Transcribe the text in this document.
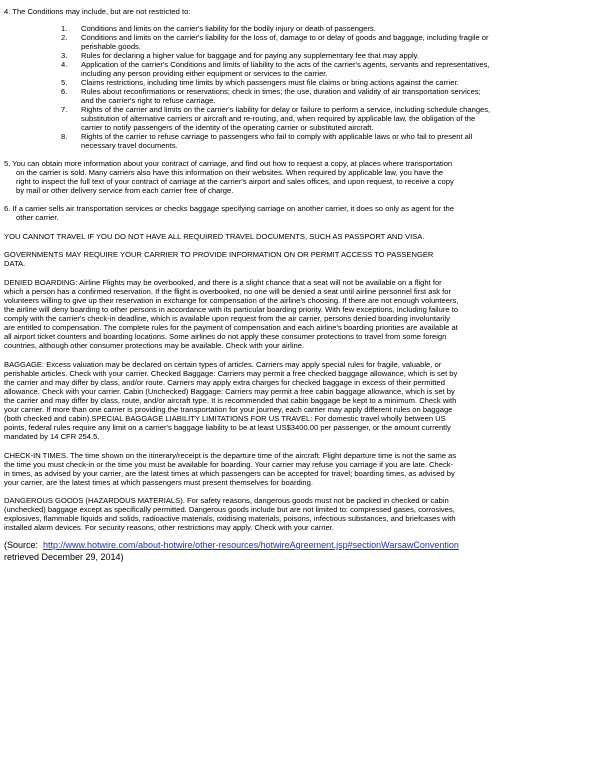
4. The Conditions may include, but are not restricted to:
1. Conditions and limits on the carrier's liability for the bodily injury or death of passengers.
2. Conditions and limits on the carrier's liability for the loss of, damage to or delay of goods and baggage, including fragile or
perishable goods.
3. Rules for declaring a higher value for baggage and for paying any supplementary fee that may apply.
4. Application of the carrier's Conditions and limits of liability to the acts of the carrier's agents, servants and representatives,
including any person providing either equipment or services to the carrier.
5. Claims restrictions, including time limits by which passengers must file claims or bring actions against the carrier.
6. Rules about reconfirmations or reservations; check in times; the use, duration and validity of air transportation services;
and the carrier's right to refuse carriage.
7. Rights of the carrier and limits on the carrier's liability for delay or failure to perform a service, including schedule changes,
substitution of alternative carriers or aircraft and re-routing, and, when required by applicable law, the obligation of the
carrier to notify passengers of the identity of the operating carrier or substituted aircraft.
8. Rights of the carrier to refuse carriage to passengers who fail to comply with applicable laws or who fail to present all
necessary travel documents.
5. You can obtain more information about your contract of carriage, and find out how to request a copy, at places where transportation
on the carrier is sold. Many carriers also have this information on their websites. When required by applicable law, you have the
right to inspect the full text of your contract of carriage at the carrier's airport and sales offices, and upon request, to receive a copy
by mail or other delivery service from each carrier free of charge.
6. If a carrier sells air transportation services or checks baggage specifying carriage on another carrier, it does so only as agent for the
other carrier.
YOU CANNOT TRAVEL IF YOU DO NOT HAVE ALL REQUIRED TRAVEL DOCUMENTS, SUCH AS PASSPORT AND VISA.
GOVERNMENTS MAY REQUIRE YOUR CARRIER TO PROVIDE INFORMATION ON OR PERMIT ACCESS TO PASSENGER
DATA.
DENIED BOARDING: Airline Flights may be overbooked, and there is a slight chance that a seat will not be available on a flight for
which a person has a confirmed reservation. If the flight is overbooked, no one will be denied a seat until airline personnel first ask for
volunteers willing to give up their reservation in exchange for compensation of the airline's choosing. If there are not enough volunteers,
the airline will deny boarding to other persons in accordance with its particular boarding priority. With few exceptions, including failure to
comply with the carrier's check-in deadline, which is available upon request from the air carrier, persons denied boarding involuntarily
are entitled to compensation. The complete rules for the payment of compensation and each airline's boarding priorities are available at
all airport ticket counters and boarding locations. Some airlines do not apply these consumer protections to travel from some foreign
countries, although other consumer protections may be available. Check with your airline.
BAGGAGE: Excess valuation may be declared on certain types of articles. Carriers may apply special rules for fragile, valuable, or
perishable articles. Check with your carrier. Checked Baggage: Carriers may permit a free checked baggage allowance, which is set by
the carrier and may differ by class, and/or route. Carriers may apply extra charges for checked baggage in excess of their permitted
allowance. Check with your carrier. Cabin (Unchecked) Baggage: Carriers may permit a free cabin baggage allowance, which is set by
the carrier and may differ by class, route, and/or aircraft type. It is recommended that cabin baggage be kept to a minimum. Check with
your carrier. If more than one carrier is providing the transportation for your journey, each carrier may apply different rules on baggage
(both checked and cabin).SPECIAL BAGGAGE LIABILITY LIMITATIONS FOR US TRAVEL: For domestic travel wholly between US
points, federal rules require any limit on a carrier's baggage liability to be at least US$3400.00 per passenger, or the amount currently
mandated by 14 CFR 254.5.
CHECK-IN TIMES. The time shown on the itinerary/receipt is the departure time of the aircraft. Flight departure time is not the same as
the time you must check-in or the time you must be available for boarding. Your carrier may refuse you carriage if you are late. Check-
in times, as advised by your carrier, are the latest times at which passengers can be accepted for travel; boarding times, as advised by
your carrier, are the latest times at which passengers must present themselves for boarding.
DANGEROUS GOODS (HAZARDOUS MATERIALS). For safety reasons, dangerous goods must not be packed in checked or cabin
(unchecked) baggage except as specifically permitted. Dangerous goods include but are not limited to: compressed gases, corrosives,
explosives, flammable liquids and solids, radioactive materials, oxidising materials, poisons, infectious substances, and briefcases with
installed alarm devices. For security reasons, other restrictions may apply. Check with your carrier.
(Source: http://www.hotwire.com/about-hotwire/other-resources/hotwireAgreement.jsp#sectionWarsawConvention
retrieved December 29, 2014)
